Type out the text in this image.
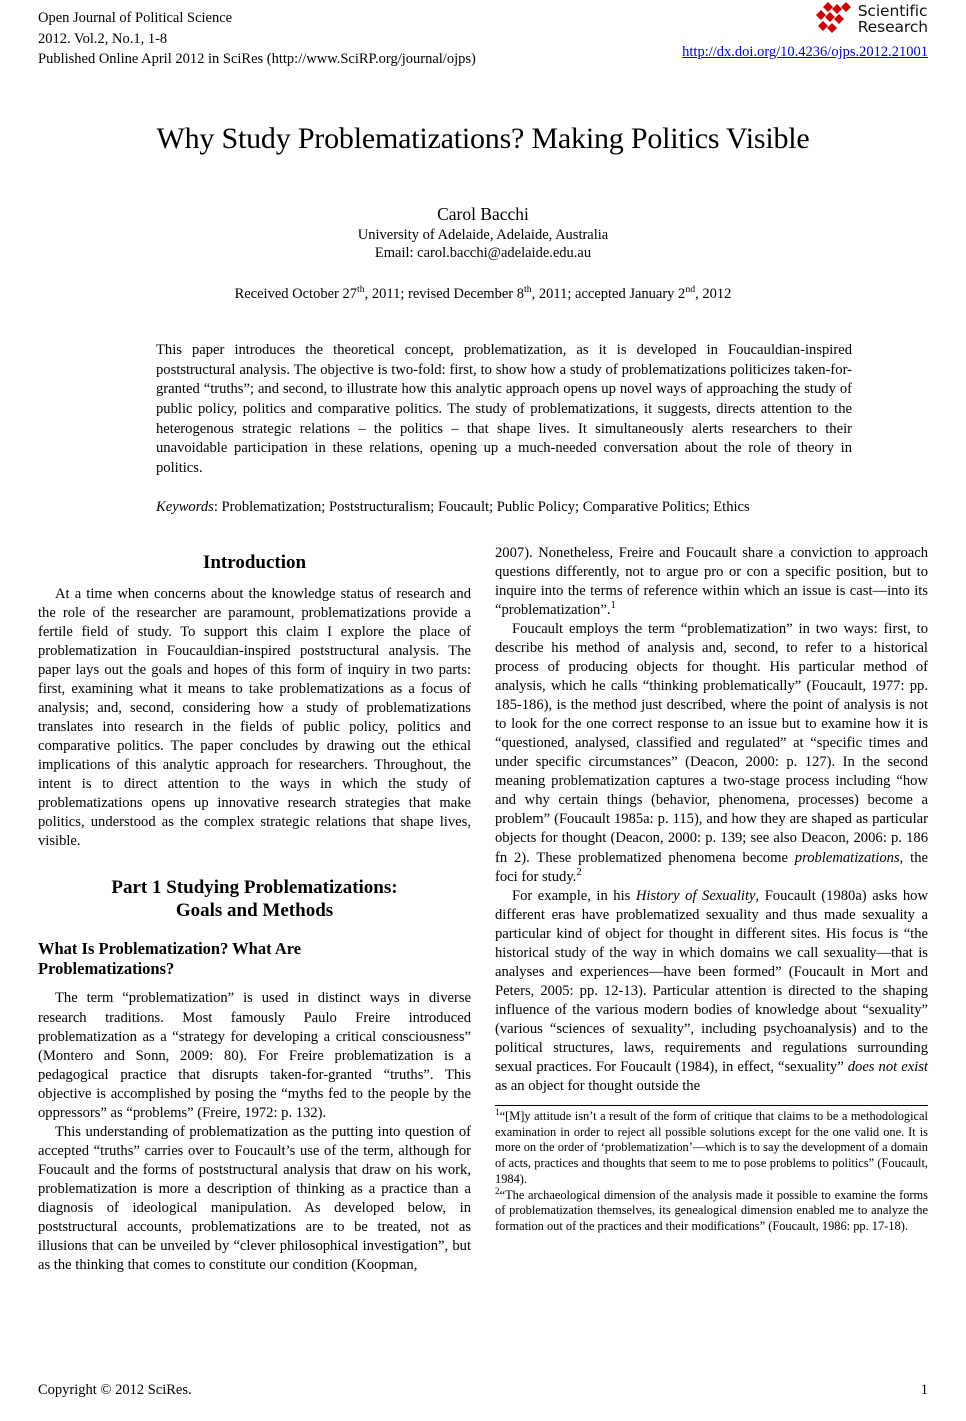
Open Journal of Political Science
2012. Vol.2, No.1, 1-8
Published Online April 2012 in SciRes (http://www.SciRP.org/journal/ojps)
Scientific
Research
http://dx.doi.org/10.4236/ojps.2012.21001
Why Study Problematizations? Making Politics Visible
Carol Bacchi
University of Adelaide, Adelaide, Australia
Email: carol.bacchi@adelaide.edu.au
Received October 27th, 2011; revised December 8th, 2011; accepted January 2nd, 2012
This paper introduces the theoretical concept, problematization, as it is developed in Foucauldian-inspired poststructural analysis. The objective is two-fold: first, to show how a study of problematizations politicizes taken-for-granted “truths”; and second, to illustrate how this analytic approach opens up novel ways of approaching the study of public policy, politics and comparative politics. The study of problematizations, it suggests, directs attention to the heterogenous strategic relations – the politics – that shape lives. It simultaneously alerts researchers to their unavoidable participation in these relations, opening up a much-needed conversation about the role of theory in politics.
Keywords: Problematization; Poststructuralism; Foucault; Public Policy; Comparative Politics; Ethics
Introduction

At a time when concerns about the knowledge status of research and the role of the researcher are paramount, problematizations provide a fertile field of study. To support this claim I explore the place of problematization in Foucauldian-inspired poststructural analysis. The paper lays out the goals and hopes of this form of inquiry in two parts: first, examining what it means to take problematizations as a focus of analysis; and, second, considering how a study of problematizations translates into research in the fields of public policy, politics and comparative politics. The paper concludes by drawing out the ethical implications of this analytic approach for researchers. Throughout, the intent is to direct attention to the ways in which the study of problematizations opens up innovative research strategies that make politics, understood as the complex strategic relations that shape lives, visible.

Part 1 Studying Problematizations:
Goals and Methods
What Is Problematization? What Are
Problematizations?

The term “problematization” is used in distinct ways in diverse research traditions. Most famously Paulo Freire introduced problematization as a “strategy for developing a critical consciousness” (Montero and Sonn, 2009: 80). For Freire problematization is a pedagogical practice that disrupts taken-for-granted “truths”. This objective is accomplished by posing the “myths fed to the people by the oppressors” as “problems” (Freire, 1972: p. 132).

This understanding of problematization as the putting into question of accepted “truths” carries over to Foucault’s use of the term, although for Foucault and the forms of poststructural analysis that draw on his work, problematization is more a description of thinking as a practice than a diagnosis of ideological manipulation. As developed below, in poststructural accounts, problematizations are to be treated, not as illusions that can be unveiled by “clever philosophical investigation”, but as the thinking that comes to constitute our condition (Koopman,

2007). Nonetheless, Freire and Foucault share a conviction to approach questions differently, not to argue pro or con a specific position, but to inquire into the terms of reference within which an issue is cast—into its “problematization”.$^1$

Foucault employs the term “problematization” in two ways: first, to describe his method of analysis and, second, to refer to a historical process of producing objects for thought. His particular method of analysis, which he calls “thinking problematically” (Foucault, 1977: pp. 185-186), is the method just described, where the point of analysis is not to look for the one correct response to an issue but to examine how it is “questioned, analysed, classified and regulated” at “specific times and under specific circumstances” (Deacon, 2000: p. 127). In the second meaning problematization captures a two-stage process including “how and why certain things (behavior, phenomena, processes) become a problem” (Foucault 1985a: p. 115), and how they are shaped as particular objects for thought (Deacon, 2000: p. 139; see also Deacon, 2006: p. 186 fn 2). These problematized phenomena become problematizations, the foci for study.$^2$

For example, in his History of Sexuality, Foucault (1980a) asks how different eras have problematized sexuality and thus made sexuality a particular kind of object for thought in different sites. His focus is “the historical study of the way in which domains we call sexuality—that is analyses and experiences—have been formed” (Foucault in Mort and Peters, 2005: pp. 12-13). Particular attention is directed to the shaping influence of the various modern bodies of knowledge about “sexuality” (various “sciences of sexuality”, including psychoanalysis) and to the political structures, laws, requirements and regulations surrounding sexual practices. For Foucault (1984), in effect, “sexuality” does not exist as an object for thought outside the

$^1$“[M]y attitude isn’t a result of the form of critique that claims to be a methodological examination in order to reject all possible solutions except for the one valid one. It is more on the order of ‘problematization’—which is to say the development of a domain of acts, practices and thoughts that seem to me to pose problems to politics” (Foucault, 1984).

$^2$“The archaeological dimension of the analysis made it possible to examine the forms of problematization themselves, its genealogical dimension enabled me to analyze the formation out of the practices and their modifications” (Foucault, 1986: pp. 17-18).

Copyright © 2012 SciRes.	1
